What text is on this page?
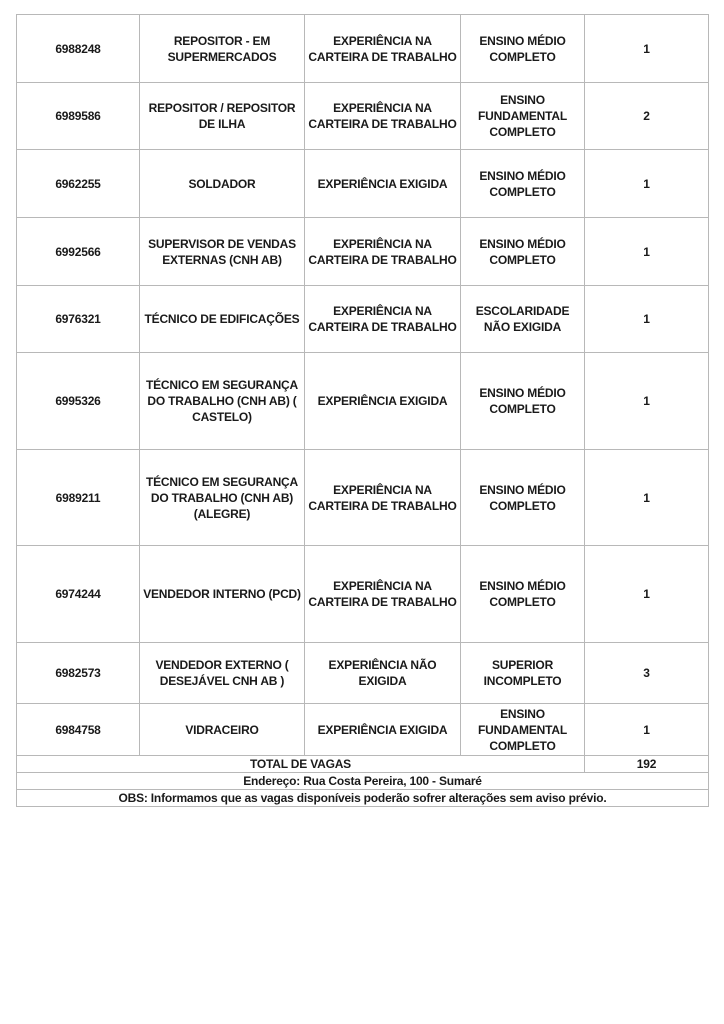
6988248	REPOSITOR - EM SUPERMERCADOS	EXPERIÊNCIA NA CARTEIRA DE TRABALHO	ENSINO MÉDIO COMPLETO	1
6989586	REPOSITOR / REPOSITOR DE ILHA	EXPERIÊNCIA NA CARTEIRA DE TRABALHO	ENSINO FUNDAMENTAL COMPLETO	2
6962255	SOLDADOR	EXPERIÊNCIA EXIGIDA	ENSINO MÉDIO COMPLETO	1
6992566	SUPERVISOR DE VENDAS EXTERNAS (CNH AB)	EXPERIÊNCIA NA CARTEIRA DE TRABALHO	ENSINO MÉDIO COMPLETO	1
6976321	TÉCNICO DE EDIFICAÇÕES	EXPERIÊNCIA NA CARTEIRA DE TRABALHO	ESCOLARIDADE NÃO EXIGIDA	1
6995326	TÉCNICO EM SEGURANÇA DO TRABALHO (CNH AB) ( CASTELO)	EXPERIÊNCIA EXIGIDA	ENSINO MÉDIO COMPLETO	1
6989211	TÉCNICO EM SEGURANÇA DO TRABALHO (CNH AB) (ALEGRE)	EXPERIÊNCIA NA CARTEIRA DE TRABALHO	ENSINO MÉDIO COMPLETO	1
6974244	VENDEDOR INTERNO (PCD)	EXPERIÊNCIA NA CARTEIRA DE TRABALHO	ENSINO MÉDIO COMPLETO	1
6982573	VENDEDOR EXTERNO ( DESEJÁVEL CNH AB )	EXPERIÊNCIA NÃO EXIGIDA	SUPERIOR INCOMPLETO	3
6984758	VIDRACEIRO	EXPERIÊNCIA EXIGIDA	ENSINO FUNDAMENTAL COMPLETO	1
TOTAL DE VAGAS				192
Endereço: Rua Costa Pereira, 100 - Sumaré				
OBS: Informamos que as vagas disponíveis poderão sofrer alterações sem aviso prévio.				
